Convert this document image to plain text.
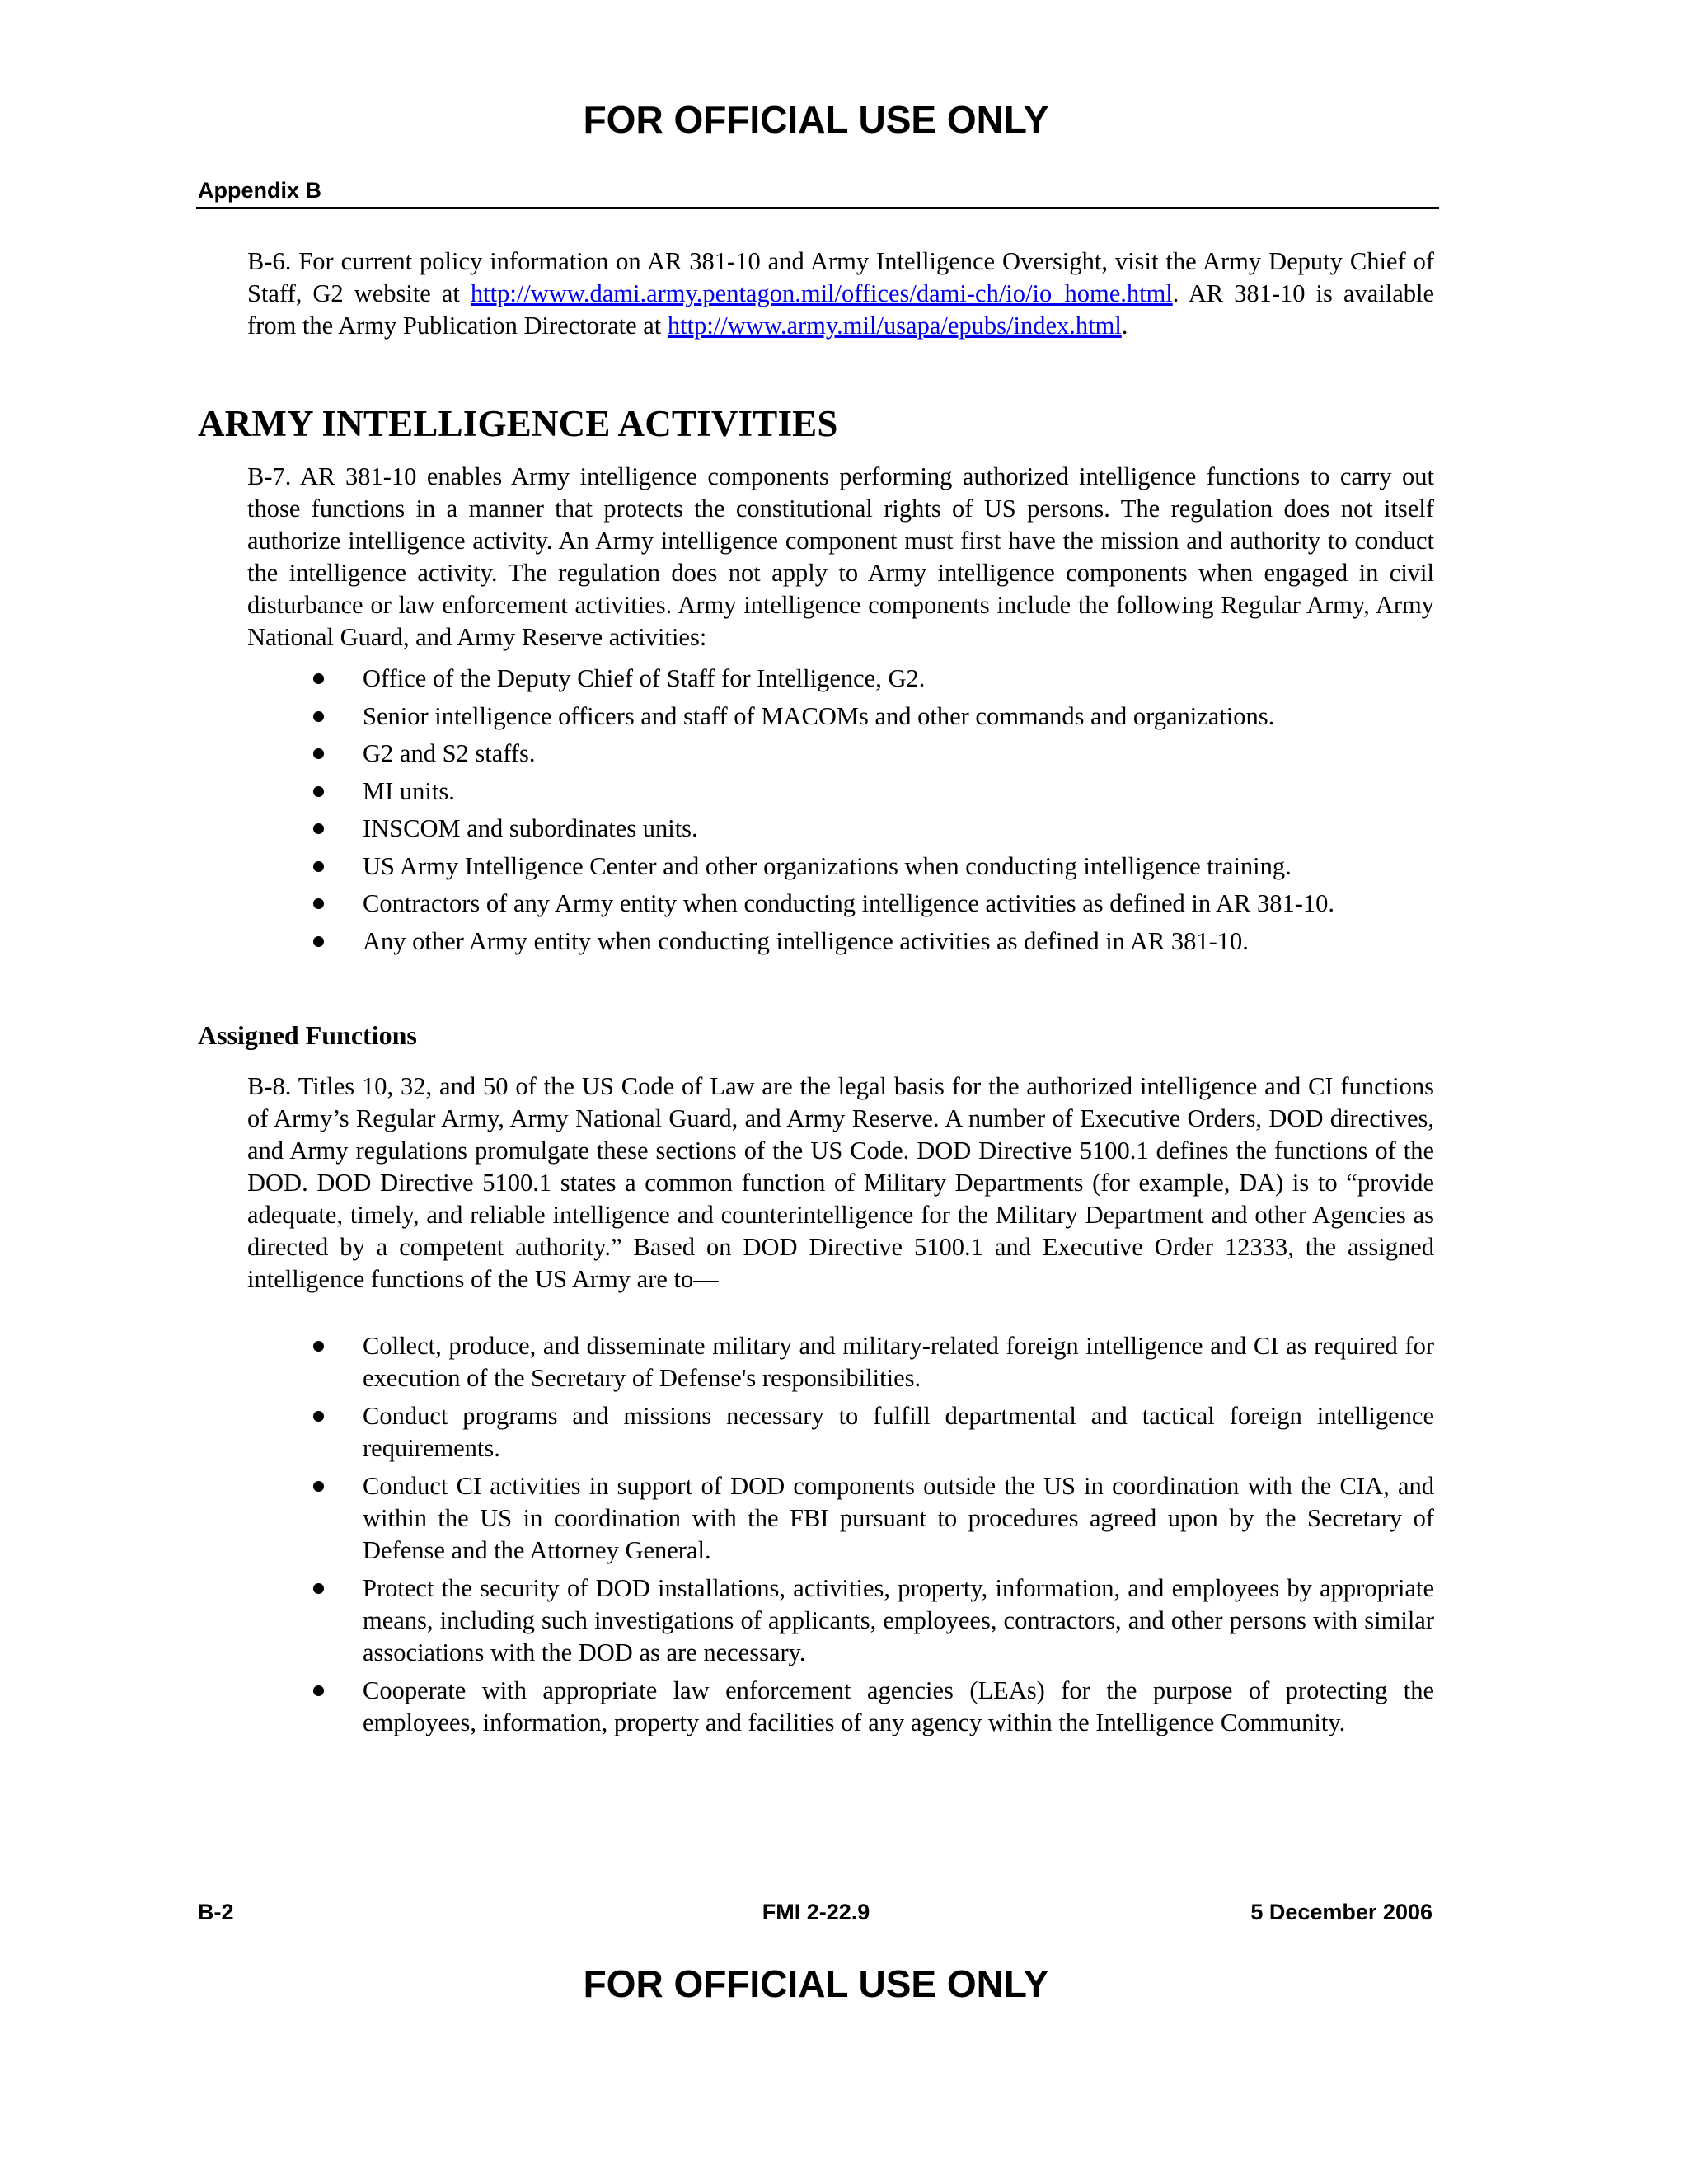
FOR OFFICIAL USE ONLY
Appendix B

B-6. For current policy information on AR 381-10 and Army Intelligence Oversight, visit the Army Deputy Chief of Staff, G2 website at http://www.dami.army.pentagon.mil/offices/dami-ch/io/io_home.html. AR 381-10 is available from the Army Publication Directorate at http://www.army.mil/usapa/epubs/index.html.

ARMY INTELLIGENCE ACTIVITIES

B-7. AR 381-10 enables Army intelligence components performing authorized intelligence functions to carry out those functions in a manner that protects the constitutional rights of US persons. The regulation does not itself authorize intelligence activity. An Army intelligence component must first have the mission and authority to conduct the intelligence activity. The regulation does not apply to Army intelligence components when engaged in civil disturbance or law enforcement activities. Army intelligence components include the following Regular Army, Army National Guard, and Army Reserve activities:

Office of the Deputy Chief of Staff for Intelligence, G2.
Senior intelligence officers and staff of MACOMs and other commands and organizations.
G2 and S2 staffs.
MI units.
INSCOM and subordinates units.
US Army Intelligence Center and other organizations when conducting intelligence training.
Contractors of any Army entity when conducting intelligence activities as defined in AR 381-10.
Any other Army entity when conducting intelligence activities as defined in AR 381-10.
Assigned Functions

B-8. Titles 10, 32, and 50 of the US Code of Law are the legal basis for the authorized intelligence and CI functions of Army’s Regular Army, Army National Guard, and Army Reserve. A number of Executive Orders, DOD directives, and Army regulations promulgate these sections of the US Code. DOD Directive 5100.1 defines the functions of the DOD. DOD Directive 5100.1 states a common function of Military Departments (for example, DA) is to “provide adequate, timely, and reliable intelligence and counterintelligence for the Military Department and other Agencies as directed by a competent authority.” Based on DOD Directive 5100.1 and Executive Order 12333, the assigned intelligence functions of the US Army are to—

Collect, produce, and disseminate military and military-related foreign intelligence and CI as required for execution of the Secretary of Defense's responsibilities.
Conduct programs and missions necessary to fulfill departmental and tactical foreign intelligence requirements.
Conduct CI activities in support of DOD components outside the US in coordination with the CIA, and within the US in coordination with the FBI pursuant to procedures agreed upon by the Secretary of Defense and the Attorney General.
Protect the security of DOD installations, activities, property, information, and employees by appropriate means, including such investigations of applicants, employees, contractors, and other persons with similar associations with the DOD as are necessary.
Cooperate with appropriate law enforcement agencies (LEAs) for the purpose of protecting the employees, information, property and facilities of any agency within the Intelligence Community.
B-2	FMI 2-22.9	5 December 2006
FOR OFFICIAL USE ONLY
